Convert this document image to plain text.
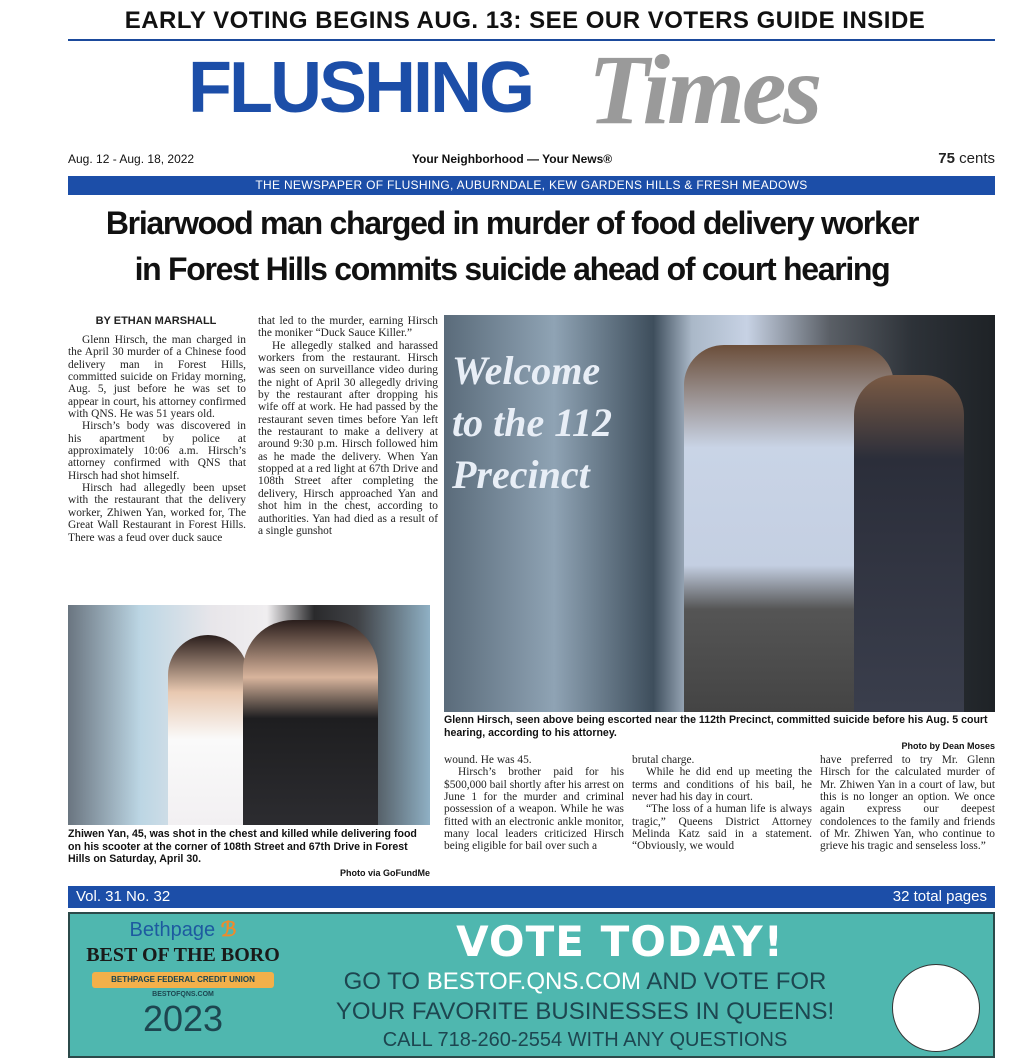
EARLY VOTING BEGINS AUG. 13: SEE OUR VOTERS GUIDE INSIDE
FLUSHING Times
Aug. 12 - Aug. 18, 2022	Your Neighborhood — Your News®	75 cents
THE NEWSPAPER OF FLUSHING, AUBURNDALE, KEW GARDENS HILLS & FRESH MEADOWS
Briarwood man charged in murder of food delivery worker
in Forest Hills commits suicide ahead of court hearing
BY ETHAN MARSHALL

Glenn Hirsch, the man charged in the April 30 murder of a Chinese food delivery man in Forest Hills, committed suicide on Friday morning, Aug. 5, just before he was set to appear in court, his attorney confirmed with QNS. He was 51 years old.

Hirsch’s body was discovered in his apartment by police at approximately 10:06 a.m. Hirsch’s attorney confirmed with QNS that Hirsch had shot himself.

Hirsch had allegedly been upset with the restaurant that the delivery worker, Zhiwen Yan, worked for, The Great Wall Restaurant in Forest Hills. There was a feud over duck sauce

that led to the murder, earning Hirsch the moniker “Duck Sauce Killer.”

He allegedly stalked and harassed workers from the restaurant. Hirsch was seen on surveillance video during the night of April 30 allegedly driving by the restaurant after dropping his wife off at work. He had passed by the restaurant seven times before Yan left the restaurant to make a delivery at around 9:30 p.m. Hirsch followed him as he made the delivery. When Yan stopped at a red light at 67th Drive and 108th Street after completing the delivery, Hirsch approached Yan and shot him in the chest, according to authorities. Yan had died as a result of a single gunshot

Welcome to the 112 Precinct
Glenn Hirsch, seen above being escorted near the 112th Precinct, committed suicide before his Aug. 5 court hearing, according to his attorney.
Photo by Dean Moses

wound. He was 45.

Hirsch’s brother paid for his $500,000 bail shortly after his arrest on June 1 for the murder and criminal possession of a weapon. While he was fitted with an electronic ankle monitor, many local leaders criticized Hirsch being eligible for bail over such a

brutal charge.

While he did end up meeting the terms and conditions of his bail, he never had his day in court.

“The loss of a human life is always tragic,” Queens District Attorney Melinda Katz said in a statement. “Obviously, we would

have preferred to try Mr. Glenn Hirsch for the calculated murder of Mr. Zhiwen Yan in a court of law, but this is no longer an option. We once again express our deepest condolences to the family and friends of Mr. Zhiwen Yan, who continue to grieve his tragic and senseless loss.”

Zhiwen Yan, 45, was shot in the chest and killed while delivering food on his scooter at the corner of 108th Street and 67th Drive in Forest Hills on Saturday, April 30.
Photo via GoFundMe
Vol. 31 No. 32	32 total pages
Bethpage ℬ
BEST OF THE BORO
BETHPAGE FEDERAL CREDIT UNION
BESTOFQNS.COM
2023
VOTE TODAY!
GO TO BESTOF.QNS.COM AND VOTE FOR
YOUR FAVORITE BUSINESSES IN QUEENS!
CALL 718-260-2554 WITH ANY QUESTIONS
